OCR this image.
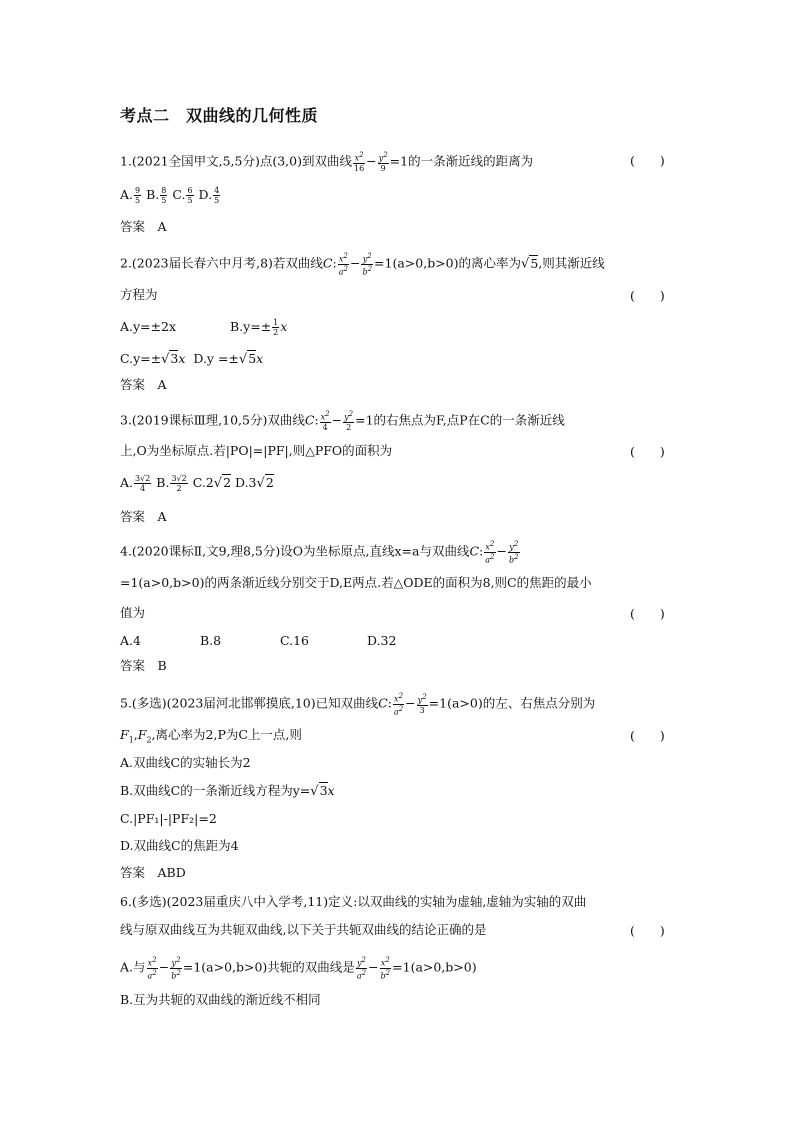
考点二　双曲线的几何性质
1.(2021全国甲文,5,5分)点(3,0)到双曲线 $\frac{x^2}{16} - \frac{y^2}{9} =1$的一条渐近线的距离为	(　　)
A. $\frac{9}{5} B$. $\frac{8}{5} C$. $\frac{6}{5} D$. $\frac{4}{5}$
答案　A
2.(2023届长春六中月考,8)若双曲线C: $\frac{x^2}{a^2} - \frac{y^2}{b^2} =1(a>0,b>0)$的离心率为√5,则其渐近线
方程为	(　　)
A.y=±2x	$B.y=\pm \frac{1}{2}$ x
C.y=±√3x D.y =±√5x
答案　A
3.(2019课标Ⅲ理,10,5分)双曲线C: $\frac{x^2}{4} - \frac{y^2}{2} =1$的右焦点为F,点P在C的一条渐近线
上,O为坐标原点.若|PO|=|PF|,则△PFO的面积为	(　　)
A. $\frac{3√2}{4} B$. $\frac{3√2}{2} C.2√2$ D.3√2
答案　A
4.(2020课标Ⅱ,文9,理8,5分)设O为坐标原点,直线x=a与双曲线C: $\frac{x^2}{a^2} - \frac{y^2}{b^2}$
=1(a>0,b>0)的两条渐近线分别交于D,E两点.若△ODE的面积为8,则C的焦距的最小
值为	(　　)
A.4	B.8	C.16	D.32
答案　B
5.(多选)(2023届河北邯郸摸底,10)已知双曲线C: $\frac{x^2}{a^2} - \frac{y^2}{3} =1(a>0)$的左、右焦点分别为
$F_1,F_2$,离心率为2,P为C上一点,则	(　　)
A.双曲线C的实轴长为2
B.双曲线C的一条渐近线方程为y=√3x
C.|PF₁|-|PF₂|=2
D.双曲线C的焦距为4
答案　ABD
6.(多选)(2023届重庆八中入学考,11)定义:以双曲线的实轴为虚轴,虚轴为实轴的双曲
线与原双曲线互为共轭双曲线,以下关于共轭双曲线的结论正确的是	(　　)
A.与 $\frac{x^2}{a^2} - \frac{y^2}{b^2} =1(a>0,b>0)$共轭的双曲线是 $\frac{y^2}{a^2} - \frac{x^2}{b^2} =1(a>0,b>0)$
B.互为共轭的双曲线的渐近线不相同
